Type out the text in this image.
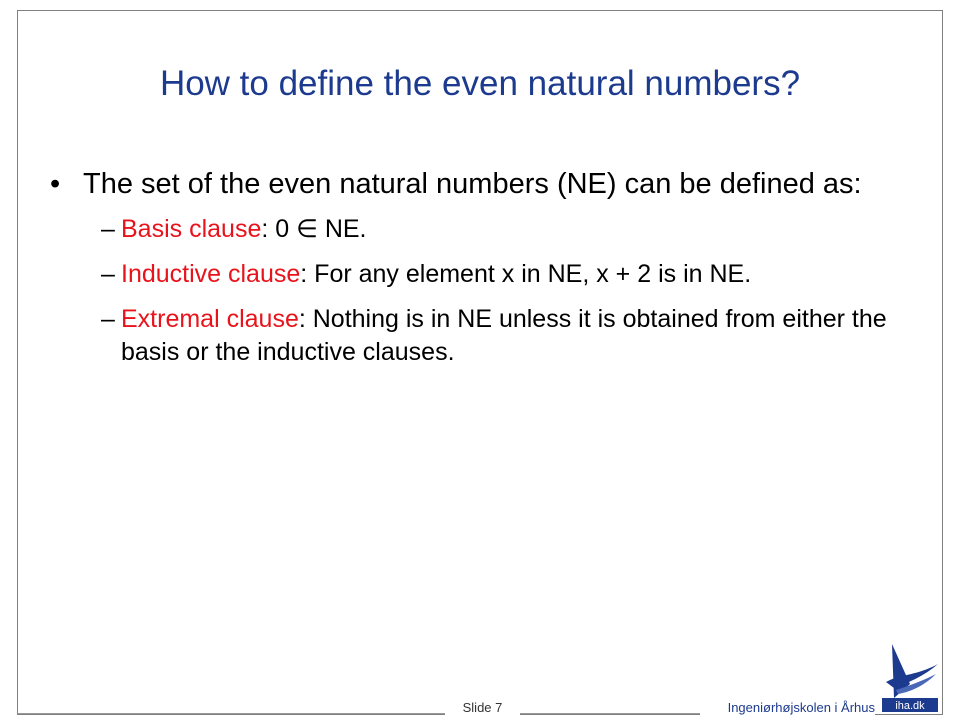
How to define the even natural numbers?
• The set of the even natural numbers (NE) can be defined as:
– Basis clause: 0 ∈ NE.
– Inductive clause: For any element x in NE, x + 2 is in NE.
– Extremal clause: Nothing is in NE unless it is obtained from either the basis or the inductive clauses.
Slide 7	Ingeniørhøjskolen i Århus iha.dk
